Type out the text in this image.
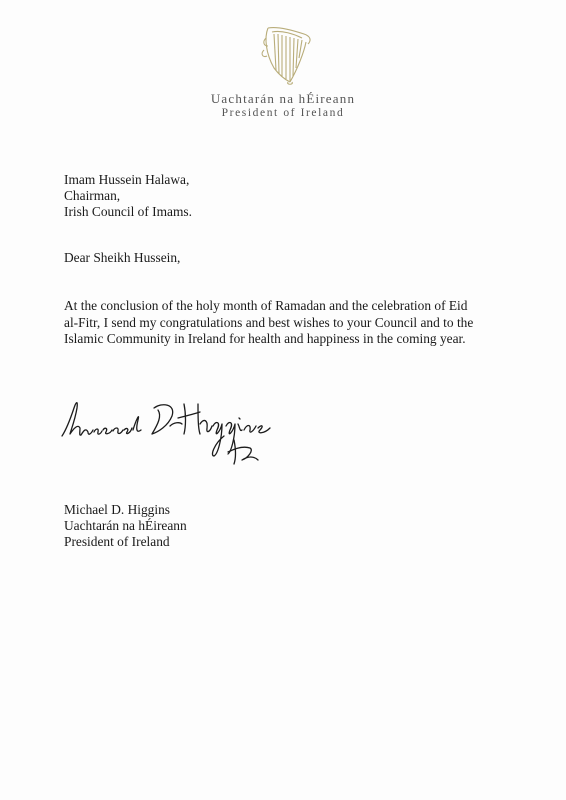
Uachtarán na hÉireann
President of Ireland
Imam Hussein Halawa,
Chairman,
Irish Council of Imams.
Dear Sheikh Hussein,
At the conclusion of the holy month of Ramadan and the celebration of Eid
al-Fitr, I send my congratulations and best wishes to your Council and to the
Islamic Community in Ireland for health and happiness in the coming year.
Michael D. Higgins
Uachtarán na hÉireann
President of Ireland
